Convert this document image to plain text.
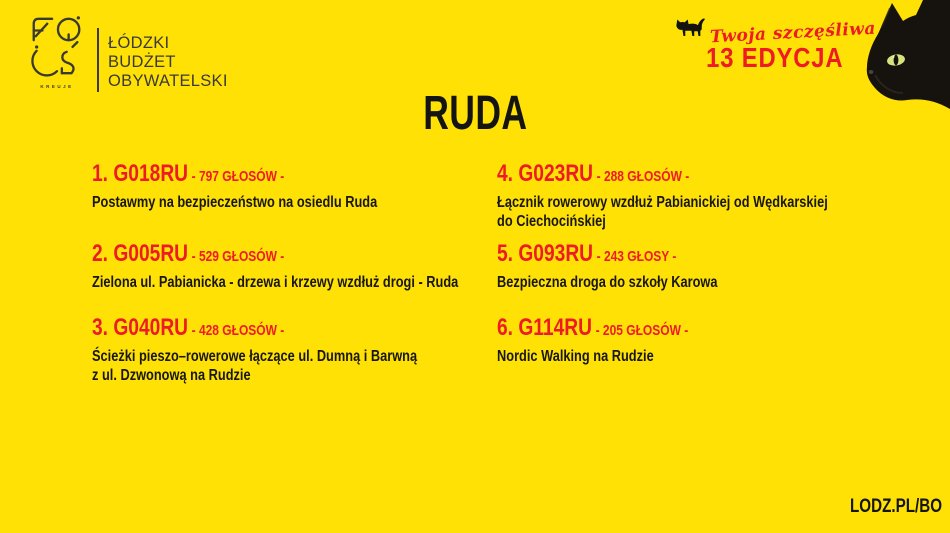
KREUJE
ŁÓDZKI
BUDŻET
OBYWATELSKI
Twoja szczęśliwa
13 EDYCJA
RUDA
1. G018RU - 797 GŁOSÓW -
Postawmy na bezpieczeństwo na osiedlu Ruda
2. G005RU - 529 GŁOSÓW -
Zielona ul. Pabianicka - drzewa i krzewy wzdłuż drogi - Ruda
3. G040RU - 428 GŁOSÓW -
Ścieżki pieszo–rowerowe łączące ul. Dumną i Barwną
z ul. Dzwonową na Rudzie
4. G023RU - 288 GŁOSÓW -
Łącznik rowerowy wzdłuż Pabianickiej od Wędkarskiej
do Ciechocińskiej
5. G093RU - 243 GŁOSY -
Bezpieczna droga do szkoły Karowa
6. G114RU - 205 GŁOSÓW -
Nordic Walking na Rudzie
LODZ.PL/BO
